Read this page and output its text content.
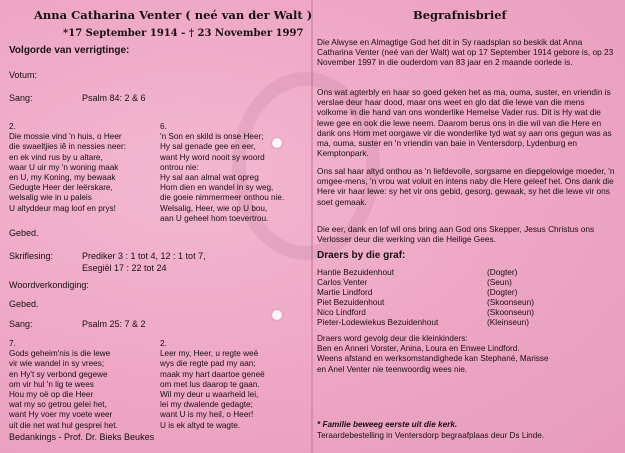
Anna Catharina Venter ( neé van der Walt )
*17 September 1914 - † 23 November 1997
Volgorde van verrigtinge:
Votum:
Sang:	Psalm 84: 2 & 6
2.
Die mossie vind 'n huis, o Heer
die swaeltjies iê in nessies neer:
en ek vind rus by u altare,
waar U uir my 'n woning maak
en U, my Koning, my bewaak
Gedugte Heer der leërskare,
welsalig wie in u paleis
U altyddeur mag loof en prys!
6.
'n Son en skild is onse Heer;
Hy sal genade gee en eer,
want Hy word nooit sy woord
ontrou nie:
Hy sal aan almal wat opreg
Hom dien en wandel in sy weg,
die goeie nimmermeer onthou nie.
Welsalig, Heer, wie op U bou,
aan U geheel hom toevertrou.
Gebed.
Skriflesing:	Prediker 3 : 1 tot 4, 12 : 1 tot 7,
Esegiël 17 : 22 tot 24
Woordverkondiging:
Gebed.
Sang:	Psalm 25: 7 & 2
7.
Gods geheim'nis is die lewe
vir wie wandel in sy vrees;
en Hy't sy verbond gegewe
om vir hul 'n lig te wees
Hou my oë op die Heer
wat my so getrou gelei het,
want Hy voer my voete weer
uit die net wat hul gesprei het.
2.
Leer my, Heer, u regte weë
wys die regte pad my aan;
maak my hart daartoe geneë
om met lus daarop te gaan.
Wil my deur u waarheid lei,
lei my dwalende gedagte;
want U is my heil, o Heer!
U is ek altyd te wagte.
Bedankings - Prof. Dr. Bieks Beukes
Begrafnisbrief
Die Alwyse en Almagtige God het dit in Sy raadsplan so beskik dat Anna Catharina Venter (neé van der Walt) wat op 17 September 1914 gebore is, op 23 November 1997 in die ouderdom van 83 jaar en 2 maande oorlede is.
Ons wat agterbly en haar so goed geken het as ma, ouma, suster, en vriendin is verslae deur haar dood, maar ons weet en glo dat die lewe van die mens volkome in die hand van ons wonderlike Hemelse Vader rus. Dit is Hy wat die lewe gee en ook die lewe neem. Daarom berus ons in die wil van die Here en dank ons Hom met oorgawe vir die wonderlike tyd wat sy aan ons gegun was as ma, ouma, suster en 'n vriendin van baie in Ventersdorp, Lydenburg en Kemptonpark.
Ons sal haar altyd onthou as 'n liefdevolle, sorgsame en diepgelowige moeder, 'n omgee-mens, 'n vrou wat voluit en intens naby die Here geleef het. Ons dank die Here vir haar lewe: sy het vir ons gebid, gesorg, gewaak, sy het die lewe vir ons soet gemaak.
Die eer, dank en lof wil ons bring aan God ons Skepper, Jesus Christus ons Verlosser deur die werking van die Heilige Gees.
Draers by die graf:
Hantie Bezuidenhout	(Dogter)
Carlos Venter	(Seun)
Martie Lindford	(Dogter)
Piet Bezuidenhout	(Skoonseun)
Nico Lindford	(Skoonseun)
Pieter-Lodewiekus Bezuidenhout	(Kleinseun)
Draers word gevolg deur die kleinkinders:
Ben en Anneri Vorster, Anina, Loura en Enwee Lindford.
Weens afstand en werksomstandighede kan Stephané, Marisse
en Anel Venter nie teenwoordig wees nie.
* Familie beweeg eerste uit die kerk.
Teraardebestelling in Ventersdorp begraafplaas deur Ds Linde.
